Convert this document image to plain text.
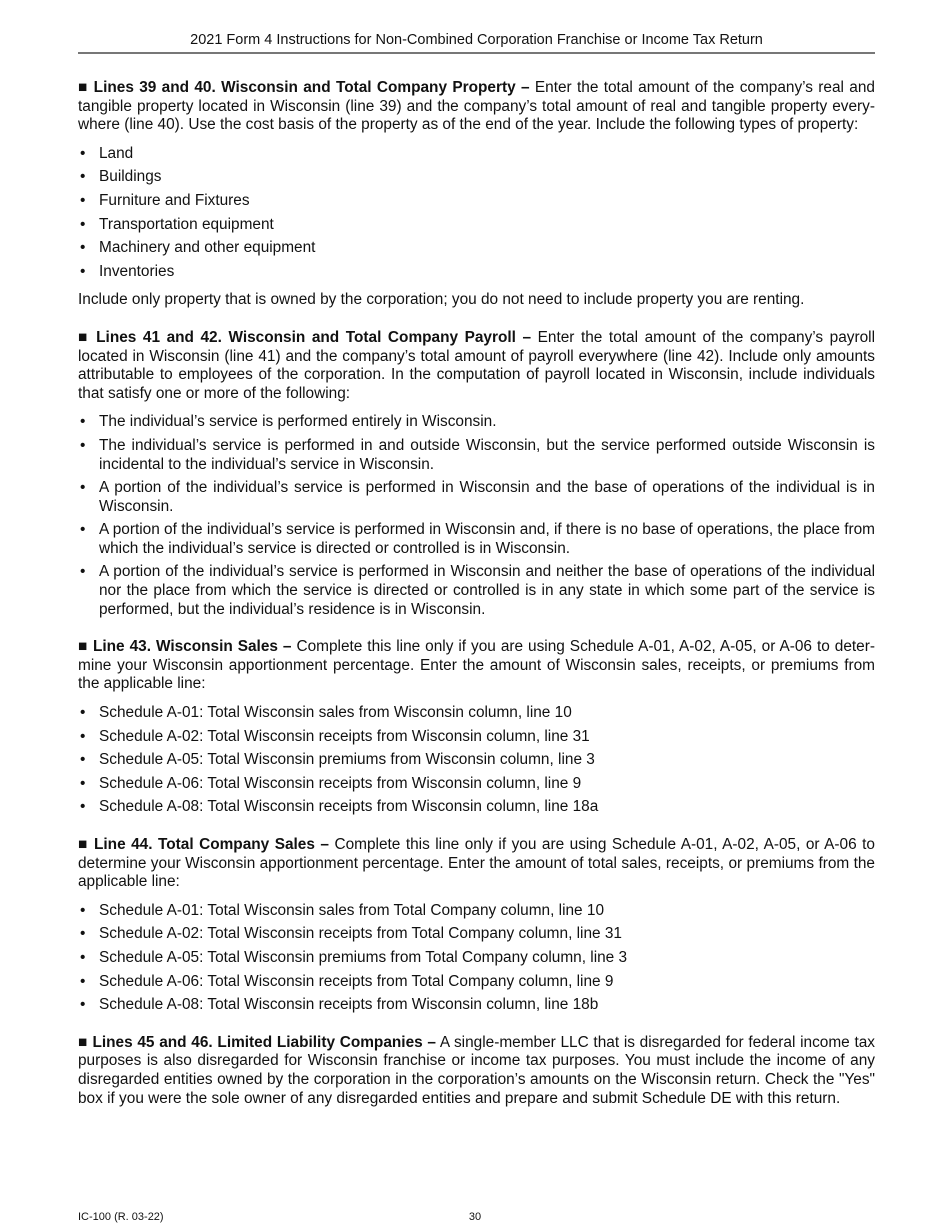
2021 Form 4 Instructions for Non-Combined Corporation Franchise or Income Tax Return

■ Lines 39 and 40. Wisconsin and Total Company Property – Enter the total amount of the company’s real and tangible property located in Wisconsin (line 39) and the company’s total amount of real and tangible property everywhere (line 40). Use the cost basis of the property as of the end of the year. Include the following types of property:

• Land
• Buildings
• Furniture and Fixtures
• Transportation equipment
• Machinery and other equipment
• Inventories

Include only property that is owned by the corporation; you do not need to include property you are renting.

■ Lines 41 and 42. Wisconsin and Total Company Payroll – Enter the total amount of the company’s payroll located in Wisconsin (line 41) and the company’s total amount of payroll everywhere (line 42). Include only amounts attributable to employees of the corporation. In the computation of payroll located in Wisconsin, include individuals that satisfy one or more of the following:

• The individual’s service is performed entirely in Wisconsin.
• The individual’s service is performed in and outside Wisconsin, but the service performed outside Wisconsin is incidental to the individual’s service in Wisconsin.
• A portion of the individual’s service is performed in Wisconsin and the base of operations of the individual is in Wisconsin.
• A portion of the individual’s service is performed in Wisconsin and, if there is no base of operations, the place from which the individual’s service is directed or controlled is in Wisconsin.
• A portion of the individual’s service is performed in Wisconsin and neither the base of operations of the individual nor the place from which the service is directed or controlled is in any state in which some part of the service is performed, but the individual’s residence is in Wisconsin.

■ Line 43. Wisconsin Sales – Complete this line only if you are using Schedule A-01, A-02, A-05, or A-06 to determine your Wisconsin apportionment percentage. Enter the amount of Wisconsin sales, receipts, or premiums from the applicable line:

• Schedule A-01: Total Wisconsin sales from Wisconsin column, line 10
• Schedule A-02: Total Wisconsin receipts from Wisconsin column, line 31
• Schedule A-05: Total Wisconsin premiums from Wisconsin column, line 3
• Schedule A-06: Total Wisconsin receipts from Wisconsin column, line 9
• Schedule A-08: Total Wisconsin receipts from Wisconsin column, line 18a

■ Line 44. Total Company Sales – Complete this line only if you are using Schedule A-01, A-02, A-05, or A-06 to determine your Wisconsin apportionment percentage. Enter the amount of total sales, receipts, or premiums from the applicable line:

• Schedule A-01: Total Wisconsin sales from Total Company column, line 10
• Schedule A-02: Total Wisconsin receipts from Total Company column, line 31
• Schedule A-05: Total Wisconsin premiums from Total Company column, line 3
• Schedule A-06: Total Wisconsin receipts from Total Company column, line 9
• Schedule A-08: Total Wisconsin receipts from Wisconsin column, line 18b

■ Lines 45 and 46. Limited Liability Companies – A single-member LLC that is disregarded for federal income tax purposes is also disregarded for Wisconsin franchise or income tax purposes. You must include the income of any disregarded entities owned by the corporation in the corporation’s amounts on the Wisconsin return. Check the "Yes" box if you were the sole owner of any disregarded entities and prepare and submit Schedule DE with this return.

IC-100 (R. 03-22)	30
